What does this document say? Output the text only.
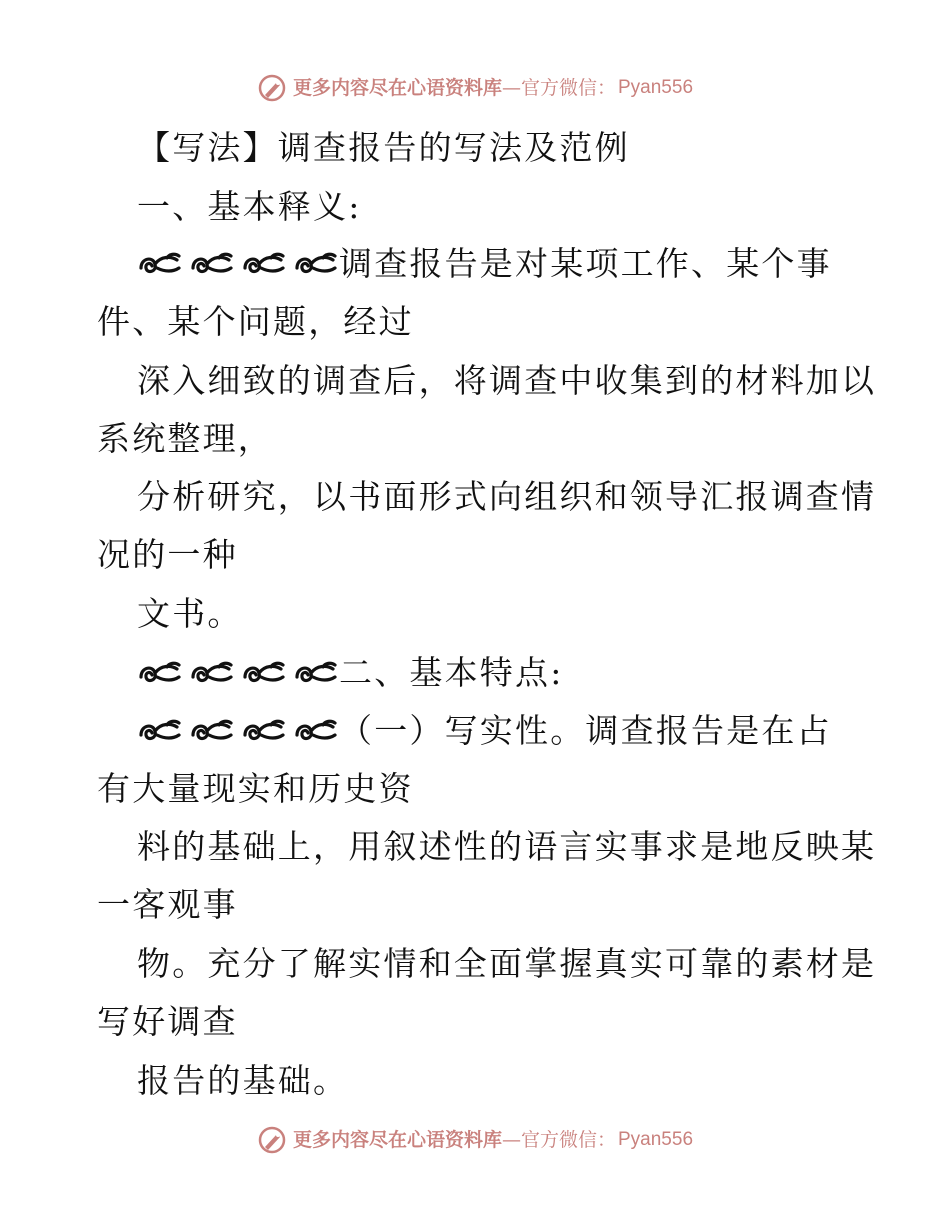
更多内容尽在心语资料库 — 官方微信： Pyan556
【写法】调查报告的写法及范例
一、基本释义:
调查报告是对某项工作、某个事
件、某个问题，经过
深入细致的调查后，将调查中收集到的材料加以
系统整理，
分析研究，以书面形式向组织和领导汇报调查情
况的一种
文书。
二、基本特点:
（一）写实性。调查报告是在占
有大量现实和历史资
料的基础上，用叙述性的语言实事求是地反映某
一客观事
物。充分了解实情和全面掌握真实可靠的素材是
写好调查
报告的基础。
更多内容尽在心语资料库 — 官方微信： Pyan556
